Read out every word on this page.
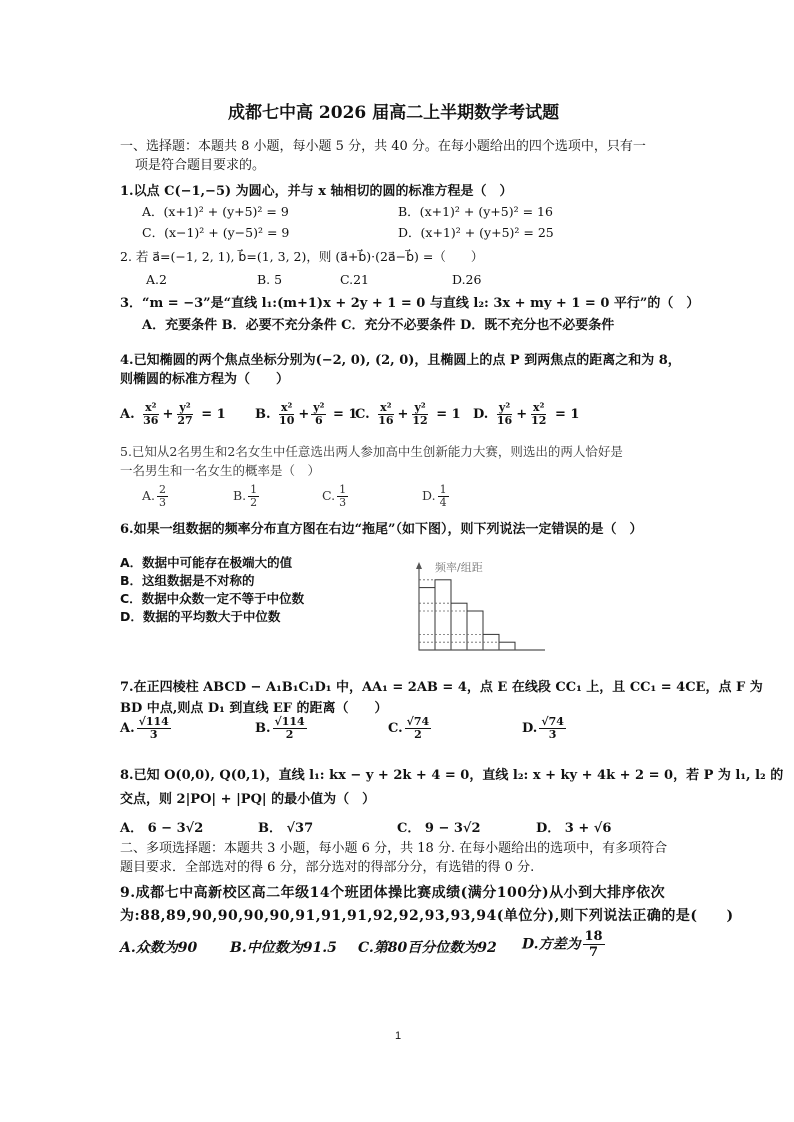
成都七中高 2026 届高二上半期数学考试题
一、选择题：本题共 8 小题，每小题 5 分，共 40 分。在每小题给出的四个选项中，只有一
项是符合题目要求的。
1.以点 C(−1,−5) 为圆心，并与 x 轴相切的圆的标准方程是（　）
A．(x+1)² + (y+5)² = 9	B．(x+1)² + (y+5)² = 16
C．(x−1)² + (y−5)² = 9	D．(x+1)² + (y+5)² = 25
2. 若 a⃗=(−1, 2, 1), b⃗=(1, 3, 2)，则 (a⃗+b⃗)·(2a⃗−b⃗) =（　　）
A.2	B. 5	C.21	D.26
3．“m = −3”是“直线 l₁:(m+1)x + 2y + 1 = 0 与直线 l₂: 3x + my + 1 = 0 平行”的（　）
A．充要条件 B．必要不充分条件 C．充分不必要条件 D．既不充分也不必要条件
4.已知椭圆的两个焦点坐标分别为(−2, 0), (2, 0)，且椭圆上的点 P 到两焦点的距离之和为 8，
则椭圆的标准方程为（　　）
A. $\frac{\text{x²}}{36} + \frac{\text{y²}}{27} = 1$ B. $\frac{\text{x²}}{10} + \frac{\text{y²}}{6} = 1$
C. $\frac{\text{x²}}{16} + \frac{\text{y²}}{12} = 1$ D. $\frac{\text{y²}}{16} + \frac{\text{x²}}{12} = 1$
5.已知从2名男生和2名女生中任意选出两人参加高中生创新能力大赛，则选出的两人恰好是
一名男生和一名女生的概率是（　）
A. $\frac{2}{3}$	B. $\frac{1}{2}$	C. $\frac{1}{3}$	D. $\frac{1}{4}$
6.如果一组数据的频率分布直方图在右边“拖尾”（如下图），则下列说法一定错误的是（　）
A．数据中可能存在极端大的值
B．这组数据是不对称的
C．数据中众数一定不等于中位数
D．数据的平均数大于中位数
频率/组距
7.在正四棱柱 ABCD − A₁B₁C₁D₁ 中，AA₁ = 2AB = 4，点 E 在线段 CC₁ 上，且 CC₁ = 4CE，点 F 为
BD 中点,则点 D₁ 到直线 EF 的距离（　　）
A. $\frac{√114}{3}$	B. $\frac{√114}{2}$	C. $\frac{√74}{2}$	D. $\frac{√74}{3}$
8.已知 O(0,0), Q(0,1)，直线 l₁: kx − y + 2k + 4 = 0，直线 l₂: x + ky + 4k + 2 = 0，若 P 为 l₁, l₂ 的
交点，则 2|PO| + |PQ| 的最小值为（　）
A． 6 − 3√2	B． √37	C． 9 − 3√2	D． 3 + √6
二、多项选择题：本题共 3 小题，每小题 6 分，共 18 分. 在每小题给出的选项中，有多项符合
题目要求．全部选对的得 6 分，部分选对的得部分分，有选错的得 0 分.
9.成都七中高新校区高二年级14个班团体操比赛成绩(满分100分)从小到大排序依次
为:88,89,90,90,90,90,91,91,91,92,92,93,93,94(单位分),则下列说法正确的是(　　)
A.众数为90 B.中位数为91.5 C.第80百分位数为92 D.方差为 $\frac{18}{7}$
1
